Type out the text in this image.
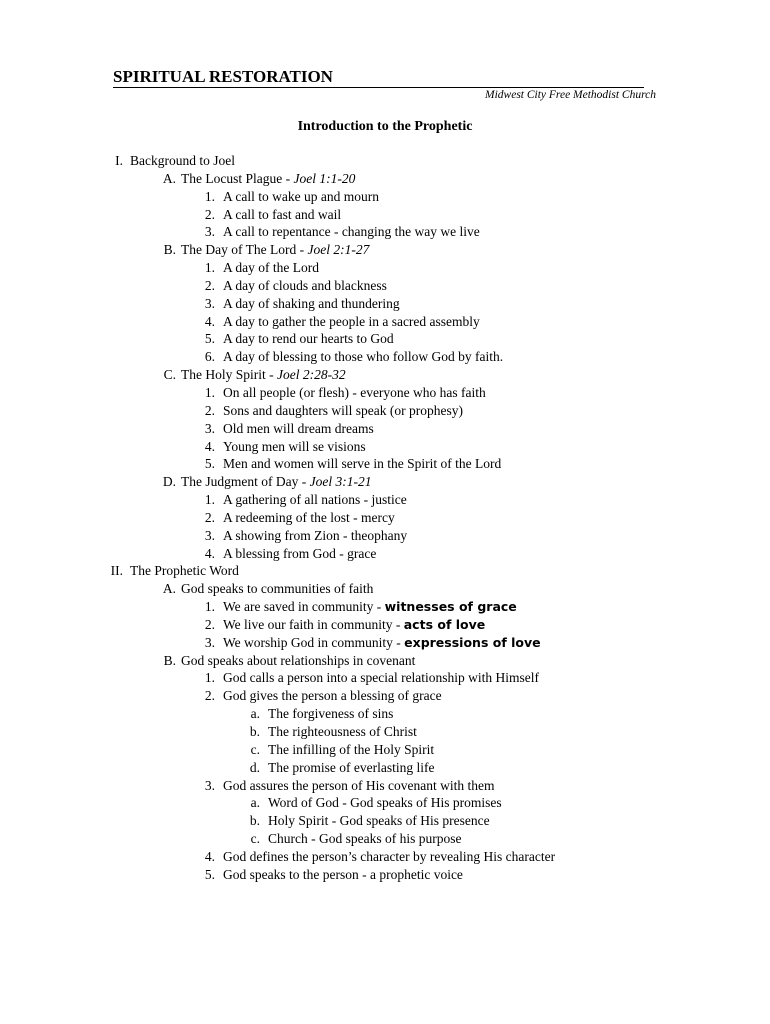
SPIRITUAL RESTORATION
Midwest City Free Methodist Church
Introduction to the Prophetic
I. Background to Joel
A. The Locust Plague - Joel 1:1-20
1. A call to wake up and mourn
2. A call to fast and wail
3. A call to repentance - changing the way we live
B. The Day of The Lord - Joel 2:1-27
1. A day of the Lord
2. A day of clouds and blackness
3. A day of shaking and thundering
4. A day to gather the people in a sacred assembly
5. A day to rend our hearts to God
6. A day of blessing to those who follow God by faith.
C. The Holy Spirit - Joel 2:28-32
1. On all people (or flesh) - everyone who has faith
2. Sons and daughters will speak (or prophesy)
3. Old men will dream dreams
4. Young men will se visions
5. Men and women will serve in the Spirit of the Lord
D. The Judgment of Day - Joel 3:1-21
1. A gathering of all nations - justice
2. A redeeming of the lost - mercy
3. A showing from Zion - theophany
4. A blessing from God - grace
II. The Prophetic Word
A. God speaks to communities of faith
1. We are saved in community - witnesses of grace
2. We live our faith in community - acts of love
3. We worship God in community - expressions of love
B. God speaks about relationships in covenant
1. God calls a person into a special relationship with Himself
2. God gives the person a blessing of grace
a. The forgiveness of sins
b. The righteousness of Christ
c. The infilling of the Holy Spirit
d. The promise of everlasting life
3. God assures the person of His covenant with them
a. Word of God - God speaks of His promises
b. Holy Spirit - God speaks of His presence
c. Church - God speaks of his purpose
4. God defines the person’s character by revealing His character
5. God speaks to the person - a prophetic voice
